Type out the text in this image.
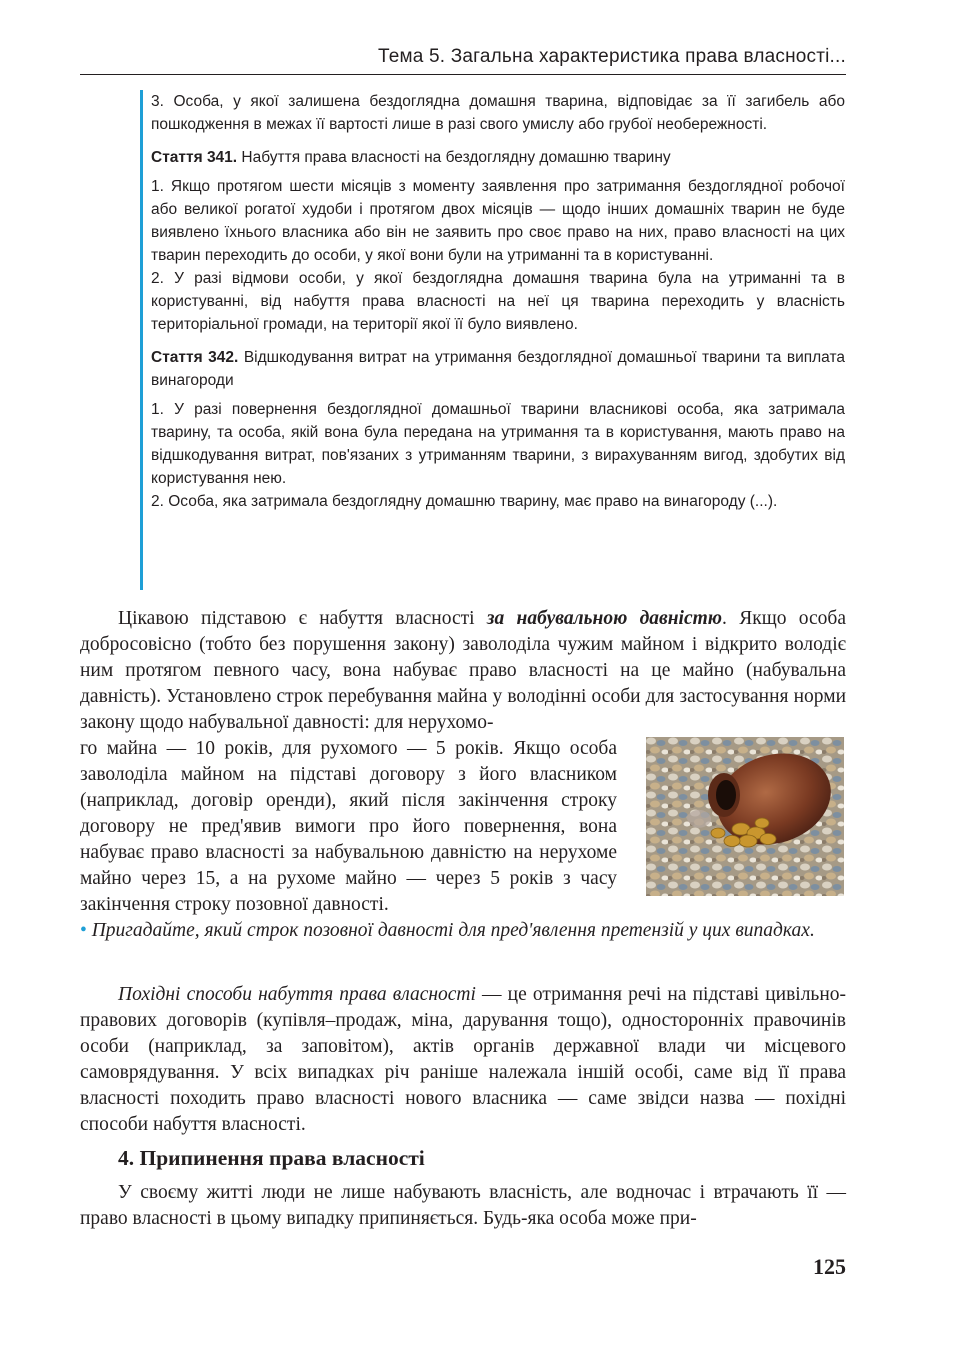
Тема 5. Загальна характеристика права власності...

3. Особа, у якої залишена бездоглядна домашня тварина, відповідає за її загибель або пошкодження в межах її вартості лише в разі свого умислу або грубої необережності.

Стаття 341. Набуття права власності на бездоглядну домашню тварину

1. Якщо протягом шести місяців з моменту заявлення про затримання бездоглядної робочої або великої рогатої худоби і протягом двох місяців — щодо інших домашніх тварин не буде виявлено їхнього власника або він не заявить про своє право на них, право власності на цих тварин переходить до особи, у якої вони були на утриманні та в користуванні.

2. У разі відмови особи, у якої бездоглядна домашня тварина була на утриманні та в користуванні, від набуття права власності на неї ця тварина переходить у власність територіальної громади, на території якої її було виявлено.

Стаття 342. Відшкодування витрат на утримання бездоглядної домашньої тварини та виплата винагороди

1. У разі повернення бездоглядної домашньої тварини власникові особа, яка затримала тварину, та особа, якій вона була передана на утримання та в користування, мають право на відшкодування витрат, пов'язаних з утриманням тварини, з вирахуванням вигод, здобутих від користування нею.

2. Особа, яка затримала бездоглядну домашню тварину, має право на винагороду (...).

Цікавою підставою є набуття власності за набувальною давністю. Якщо особа добросовісно (тобто без порушення закону) заволоділа чужим майном і відкрито володіє ним протягом певного часу, вона набуває право власності на це майно (набувальна давність). Установлено строк перебування майна у володінні особи для застосування норми закону щодо набувальної давності: для нерухомо-

го майна — 10 років, для рухомого — 5 років. Якщо особа заволоділа майном на підставі договору з його власником (наприклад, договір оренди), який після закінчення строку договору не пред'явив вимоги про його повернення, вона набуває право власності за набувальною давністю на нерухоме майно через 15, а на рухоме майно — через 5 років з часу закінчення строку позовної давності.
• Пригадайте, який строк позовної давності для пред'явлення претензій у цих випадках.

Похідні способи набуття права власності — це отримання речі на підставі цивільно-правових договорів (купівля–продаж, міна, дарування тощо), односторонніх правочинів особи (наприклад, за заповітом), актів органів державної влади чи місцевого самоврядування. У всіх випадках річ раніше належала іншій особі, саме від її права власності походить право власності нового власника — саме звідси назва — похідні способи набуття власності.

4. Припинення права власності

У своєму житті люди не лише набувають власність, але водночас і втрачають її — право власності в цьому випадку припиняється. Будь-яка особа може при-

125
